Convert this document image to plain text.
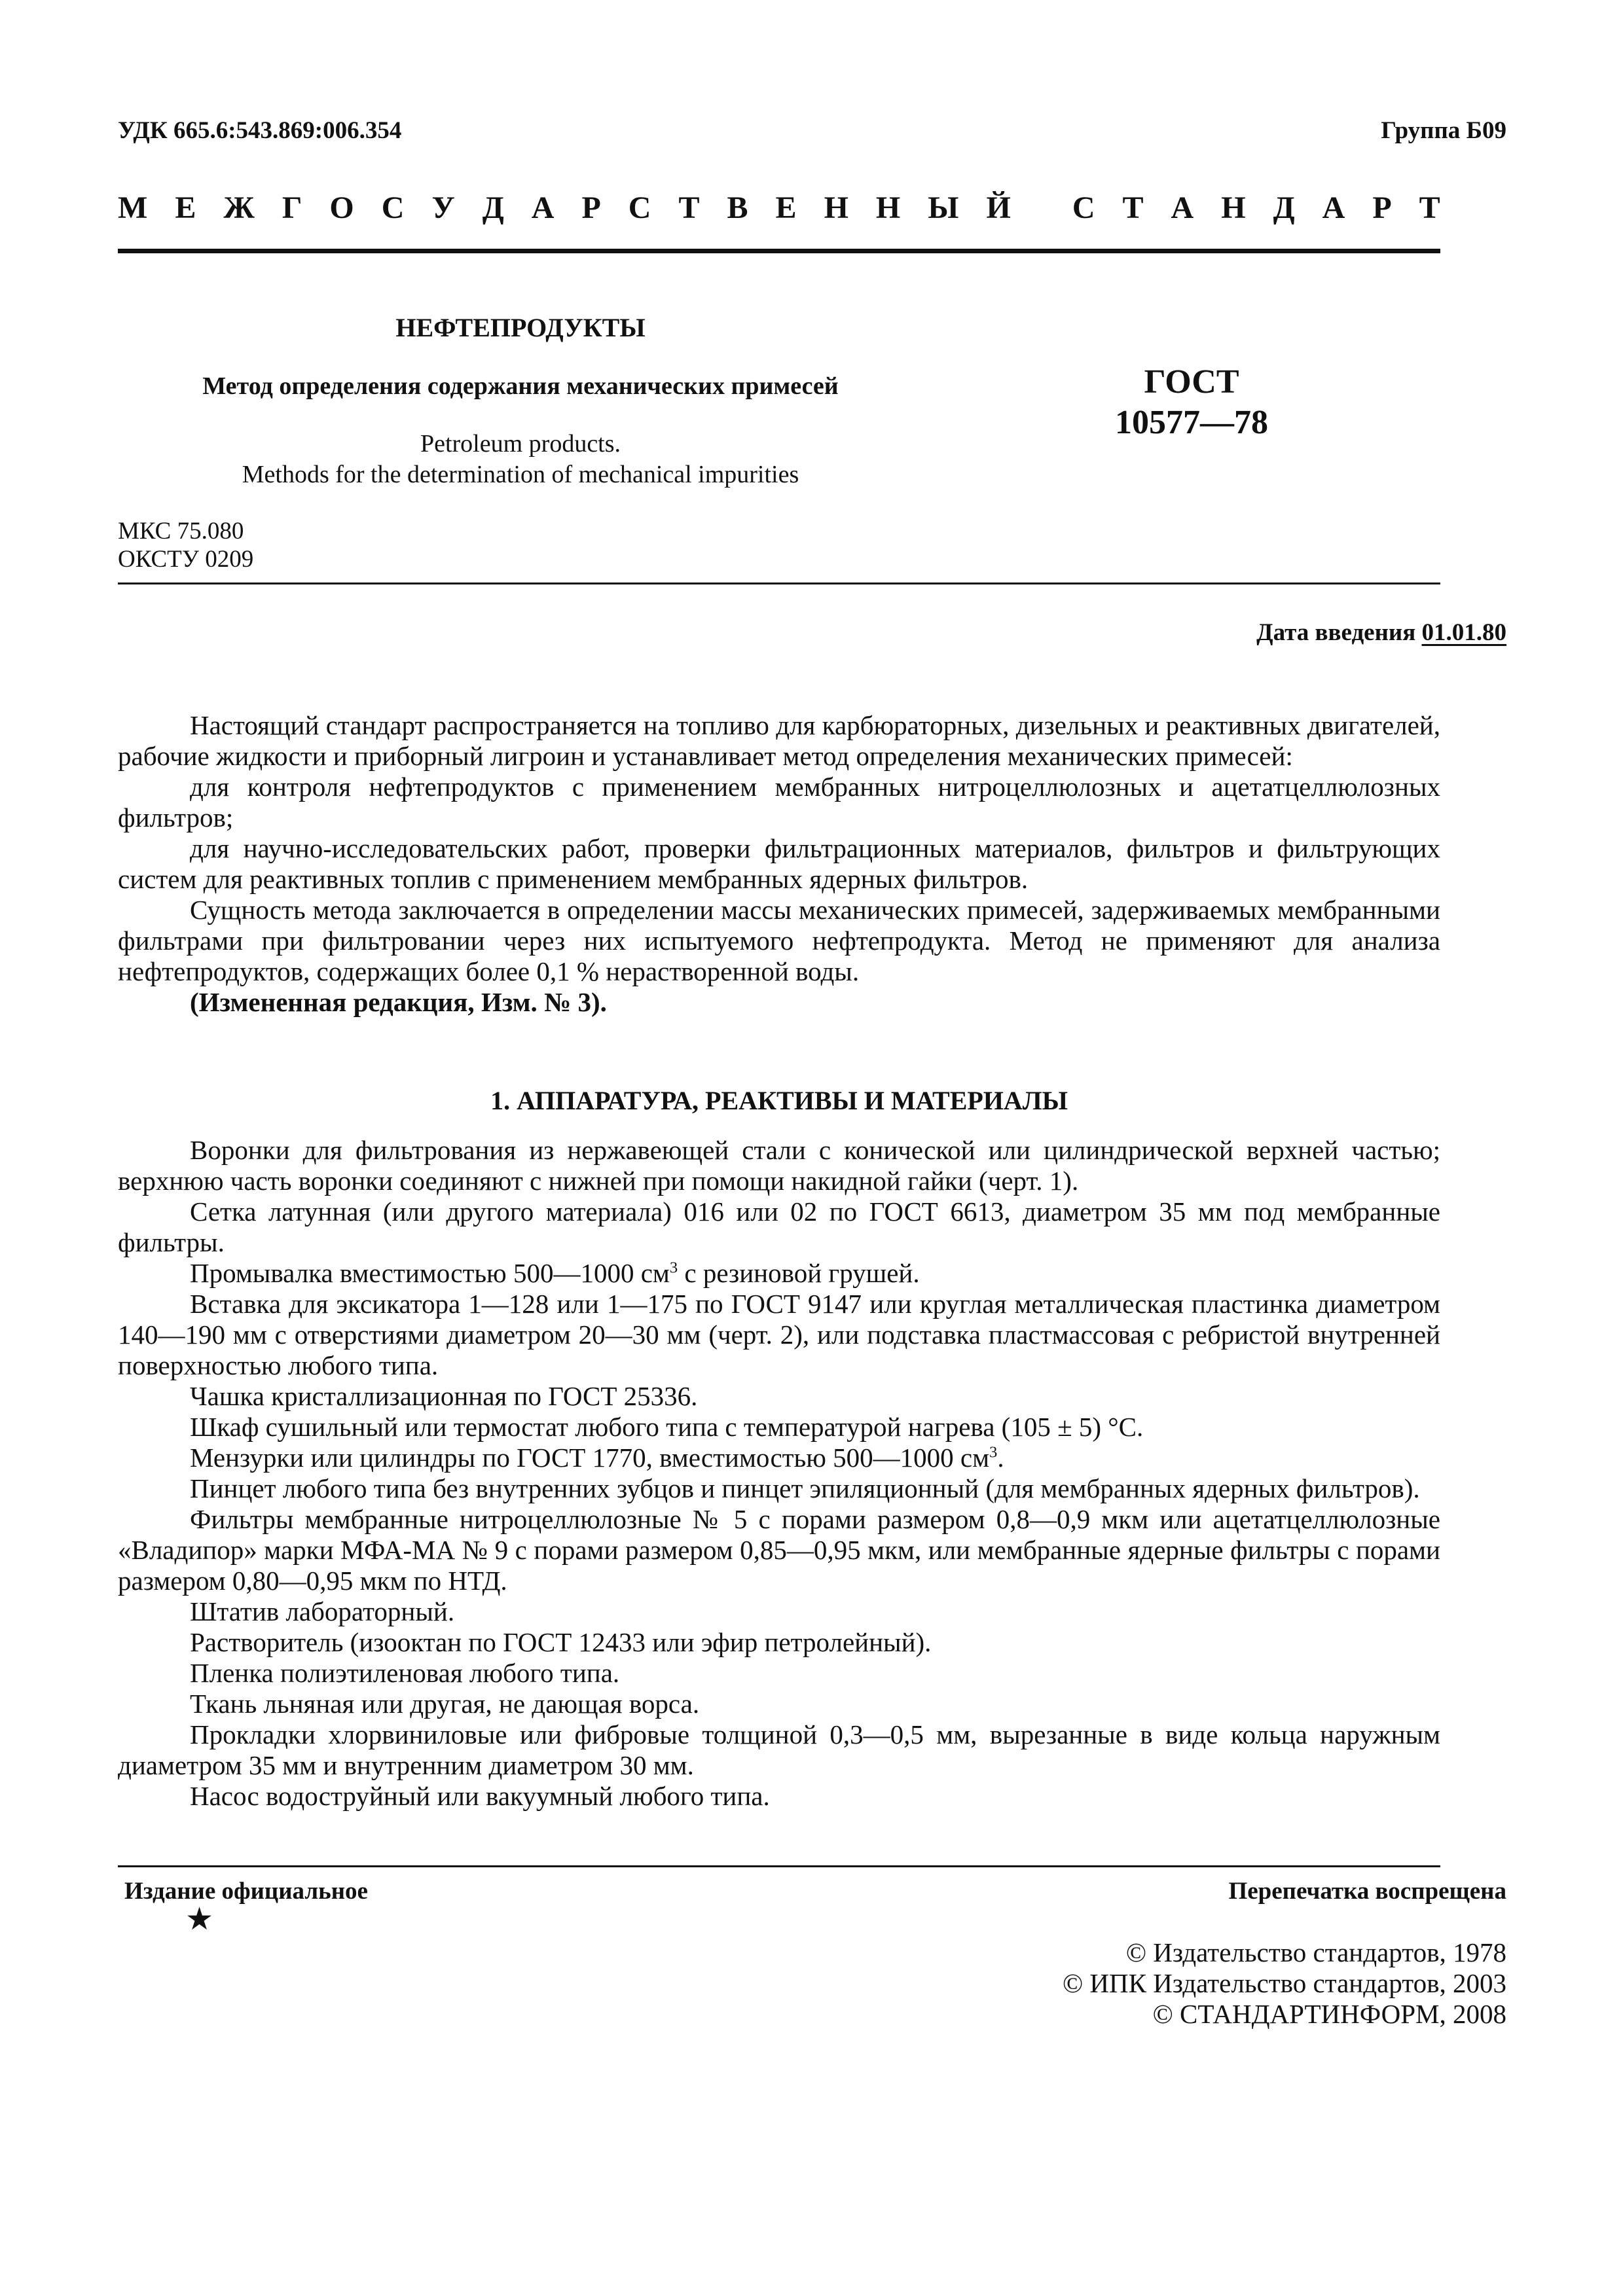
УДК 665.6:543.869:006.354	Группа Б09
М Е Ж Г О С У Д А Р С Т В Е Н Н Ы Й С Т А Н Д А Р Т
НЕФТЕПРОДУКТЫ
Метод определения содержания механических примесей
Petroleum products.
Methods for the determination of mechanical impurities
ГОСТ
10577—78
МКС 75.080
ОКСТУ 0209
Дата введения 01.01.80

Настоящий стандарт распространяется на топливо для карбюраторных, дизельных и реактивных двигателей, рабочие жидкости и приборный лигроин и устанавливает метод определения механических примесей:

для контроля нефтепродуктов с применением мембранных нитроцеллюлозных и ацетатцеллюлозных фильтров;

для научно-исследовательских работ, проверки фильтрационных материалов, фильтров и фильтрующих систем для реактивных топлив с применением мембранных ядерных фильтров.

Сущность метода заключается в определении массы механических примесей, задерживаемых мембранными фильтрами при фильтровании через них испытуемого нефтепродукта. Метод не применяют для анализа нефтепродуктов, содержащих более 0,1 % нерастворенной воды.

(Измененная редакция, Изм. № 3).

1. АППАРАТУРА, РЕАКТИВЫ И МАТЕРИАЛЫ

Воронки для фильтрования из нержавеющей стали с конической или цилиндрической верхней частью; верхнюю часть воронки соединяют с нижней при помощи накидной гайки (черт. 1).

Сетка латунная (или другого материала) 016 или 02 по ГОСТ 6613, диаметром 35 мм под мембранные фильтры.

Промывалка вместимостью 500—1000 $см^3$ с резиновой грушей.

Вставка для эксикатора 1—128 или 1—175 по ГОСТ 9147 или круглая металлическая пластинка диаметром 140—190 мм с отверстиями диаметром 20—30 мм (черт. 2), или подставка пластмассовая с ребристой внутренней поверхностью любого типа.

Чашка кристаллизационная по ГОСТ 25336.

Шкаф сушильный или термостат любого типа с температурой нагрева (105 ± 5) °С.

Мензурки или цилиндры по ГОСТ 1770, вместимостью 500—1000 $см^3$.

Пинцет любого типа без внутренних зубцов и пинцет эпиляционный (для мембранных ядерных фильтров).

Фильтры мембранные нитроцеллюлозные № 5 с порами размером 0,8—0,9 мкм или ацетатцеллюлозные «Владипор» марки МФА-МА № 9 с порами размером 0,85—0,95 мкм, или мембранные ядерные фильтры с порами размером 0,80—0,95 мкм по НТД.

Штатив лабораторный.

Растворитель (изооктан по ГОСТ 12433 или эфир петролейный).

Пленка полиэтиленовая любого типа.

Ткань льняная или другая, не дающая ворса.

Прокладки хлорвиниловые или фибровые толщиной 0,3—0,5 мм, вырезанные в виде кольца наружным диаметром 35 мм и внутренним диаметром 30 мм.

Насос водоструйный или вакуумный любого типа.

Издание официальное	Перепечатка воспрещена
★
© Издательство стандартов, 1978
© ИПК Издательство стандартов, 2003
© СТАНДАРТИНФОРМ, 2008
